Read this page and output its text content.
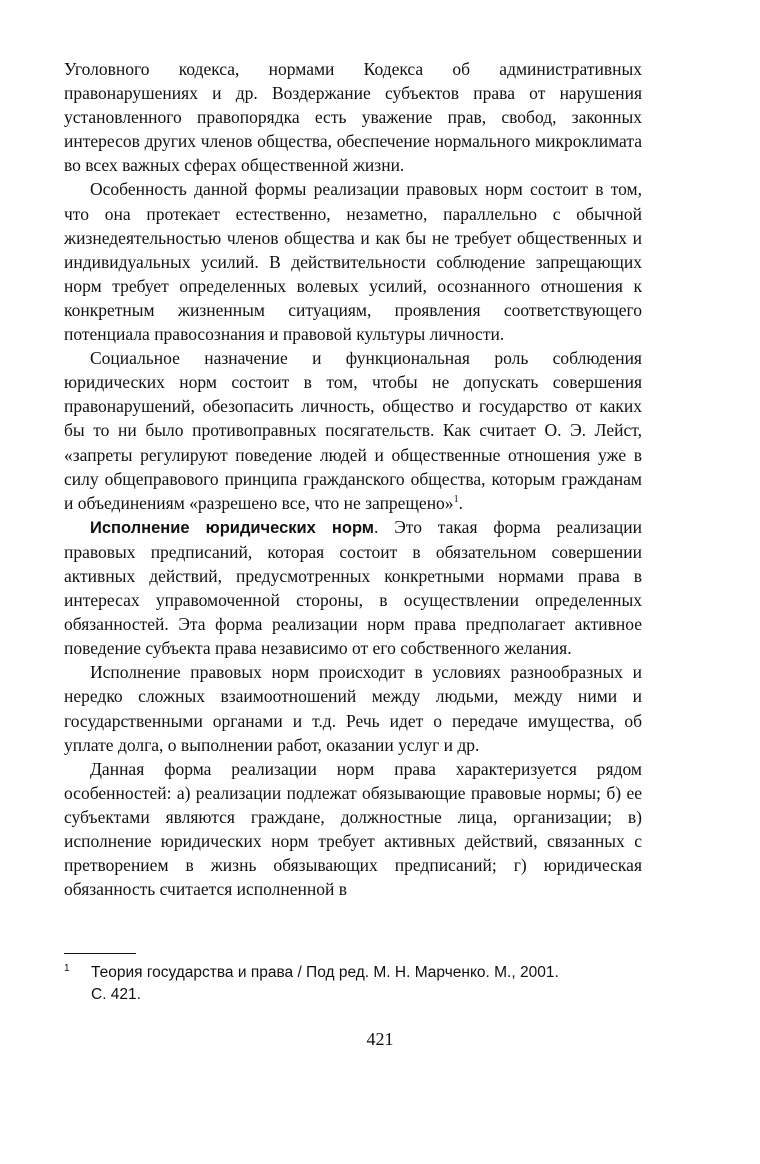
Уголовного кодекса, нормами Кодекса об административных правонарушениях и др. Воздержание субъектов права от нарушения установленного правопорядка есть уважение прав, свобод, законных интересов других членов общества, обеспечение нормального микроклимата во всех важных сферах общественной жизни.

Особенность данной формы реализации правовых норм состоит в том, что она протекает естественно, незаметно, параллельно с обычной жизнедеятельностью членов общества и как бы не требует общественных и индивидуальных усилий. В действительности соблюдение запрещающих норм требует определенных волевых усилий, осознанного отношения к конкретным жизненным ситуациям, проявления соответствующего потенциала правосознания и правовой культуры личности.

Социальное назначение и функциональная роль соблюдения юридических норм состоит в том, чтобы не допускать совершения правонарушений, обезопасить личность, общество и государство от каких бы то ни было противоправных посягательств. Как считает О. Э. Лейст, «запреты регулируют поведение людей и общественные отношения уже в силу общеправового принципа гражданского общества, которым гражданам и объединениям «разрешено все, что не запрещено»$^1$.

Исполнение юридических норм. Это такая форма реализации правовых предписаний, которая состоит в обязательном совершении активных действий, предусмотренных конкретными нормами права в интересах управомоченной стороны, в осуществлении определенных обязанностей. Эта форма реализации норм права предполагает активное поведение субъекта права независимо от его собственного желания.

Исполнение правовых норм происходит в условиях разнообразных и нередко сложных взаимоотношений между людьми, между ними и государственными органами и т.д. Речь идет о передаче имущества, об уплате долга, о выполнении работ, оказании услуг и др.

Данная форма реализации норм права характеризуется рядом особенностей: а) реализации подлежат обязывающие правовые нормы; б) ее субъектами являются граждане, должностные лица, организации; в) исполнение юридических норм требует активных действий, связанных с претворением в жизнь обязывающих предписаний; г) юридическая обязанность считается исполненной в

1 Теория государства и права / Под ред. М. Н. Марченко. М., 2001.
С. 421.
421
